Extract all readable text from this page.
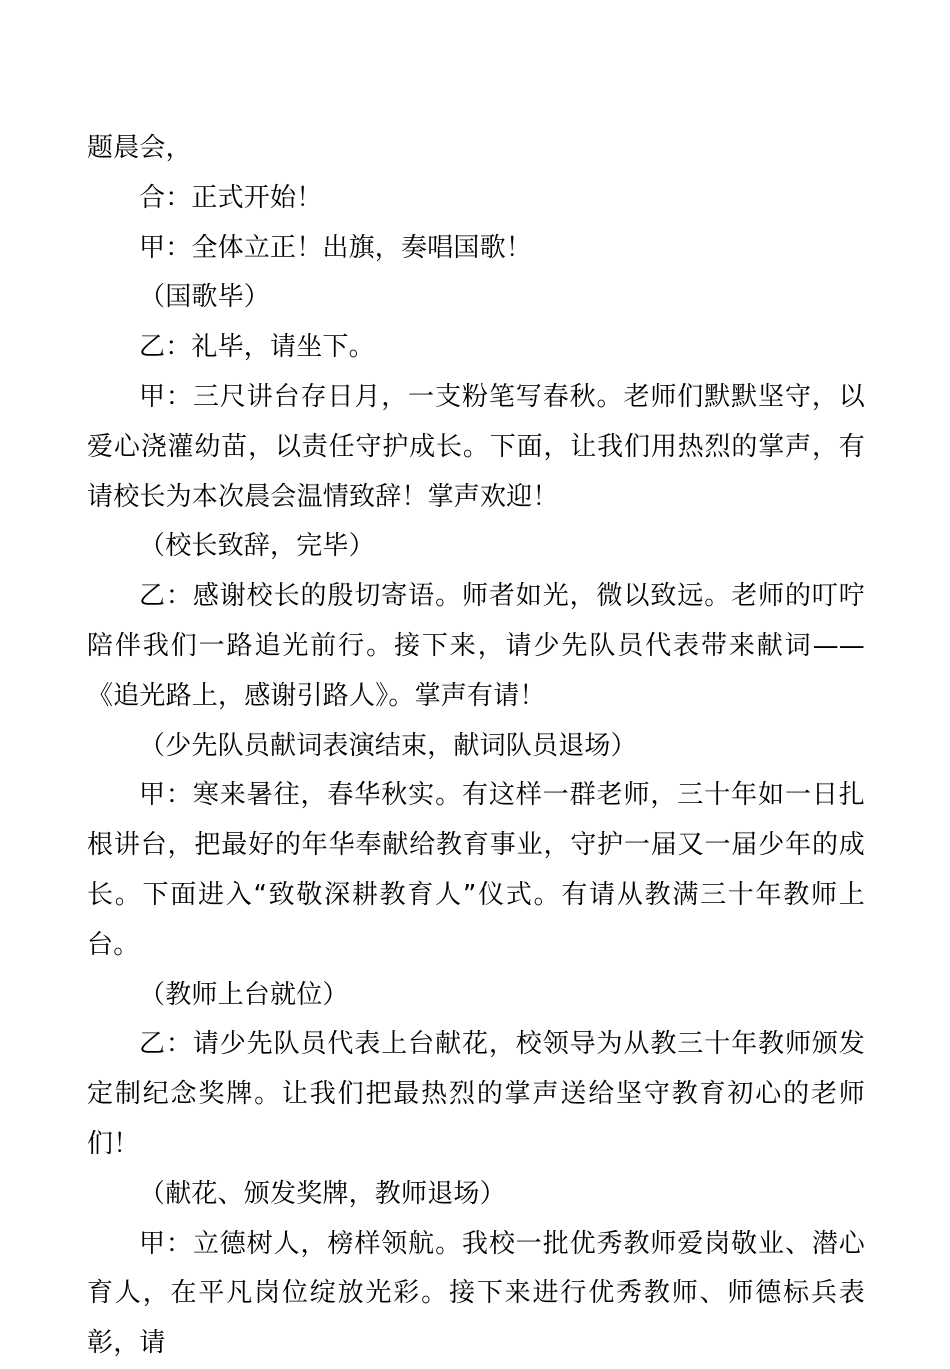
题晨会，

合：正式开始！

甲：全体立正！出旗，奏唱国歌！

（国歌毕）

乙：礼毕，请坐下。

甲：三尺讲台存日月，一支粉笔写春秋。老师们默默坚守，以爱心浇灌幼苗，以责任守护成长。下面，让我们用热烈的掌声，有请校长为本次晨会温情致辞！掌声欢迎！

（校长致辞，完毕）

乙：感谢校长的殷切寄语。师者如光，微以致远。老师的叮咛陪伴我们一路追光前行。接下来，请少先队员代表带来献词——《追光路上，感谢引路人》。掌声有请！

（少先队员献词表演结束，献词队员退场）

甲：寒来暑往，春华秋实。有这样一群老师，三十年如一日扎根讲台，把最好的年华奉献给教育事业，守护一届又一届少年的成长。下面进入“致敬深耕教育人”仪式。有请从教满三十年教师上台。

（教师上台就位）

乙：请少先队员代表上台献花，校领导为从教三十年教师颁发定制纪念奖牌。让我们把最热烈的掌声送给坚守教育初心的老师们！

（献花、颁发奖牌，教师退场）

甲：立德树人，榜样领航。我校一批优秀教师爱岗敬业、潜心育人，在平凡岗位绽放光彩。接下来进行优秀教师、师德标兵表彰，请
